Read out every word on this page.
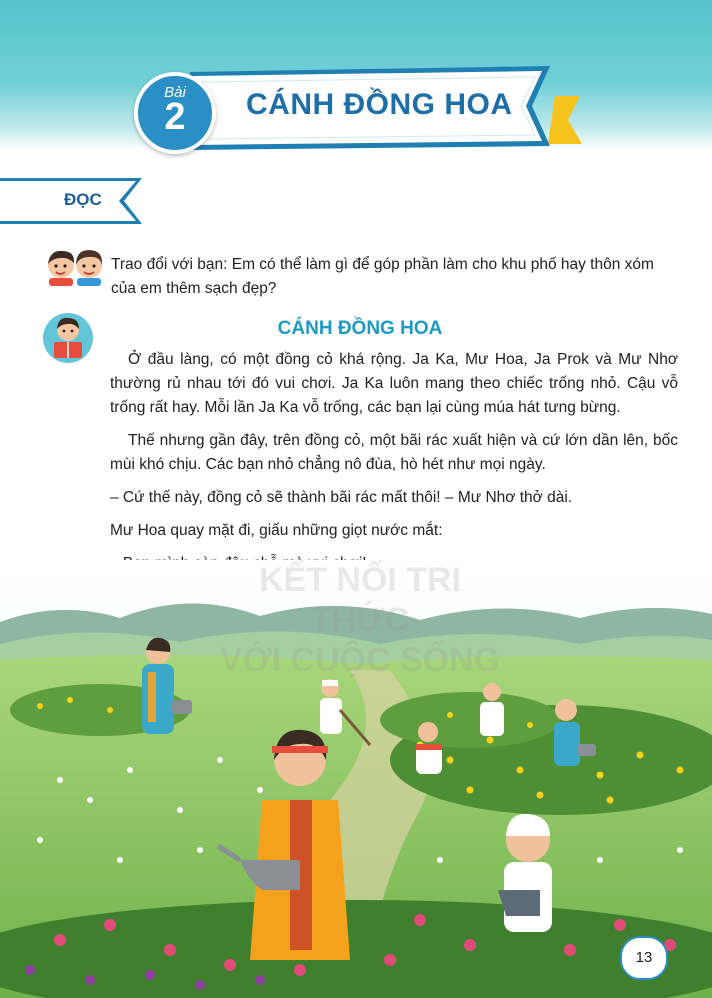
Bài
2	CÁNH ĐỒNG HOA
ĐỌC
Trao đổi với bạn: Em có thể làm gì để góp phần làm cho khu phố hay thôn xóm của em thêm sạch đẹp?
CÁNH ĐỒNG HOA

Ở đầu làng, có một đồng cỏ khá rộng. Ja Ka, Mư Hoa, Ja Prok và Mư Nhơ thường rủ nhau tới đó vui chơi. Ja Ka luôn mang theo chiếc trống nhỏ. Cậu vỗ trống rất hay. Mỗi lần Ja Ka vỗ trống, các bạn lại cùng múa hát tưng bừng.

Thế nhưng gần đây, trên đồng cỏ, một bãi rác xuất hiện và cứ lớn dần lên, bốc mùi khó chịu. Các bạn nhỏ chẳng nô đùa, hò hét như mọi ngày.

– Cứ thế này, đồng cỏ sẽ thành bãi rác mất thôi! – Mư Nhơ thở dài.

Mư Hoa quay mặt đi, giấu những giọt nước mắt:

KẾT NỐI TRI THỨC
VỚI CUỘC SỐNG
13
